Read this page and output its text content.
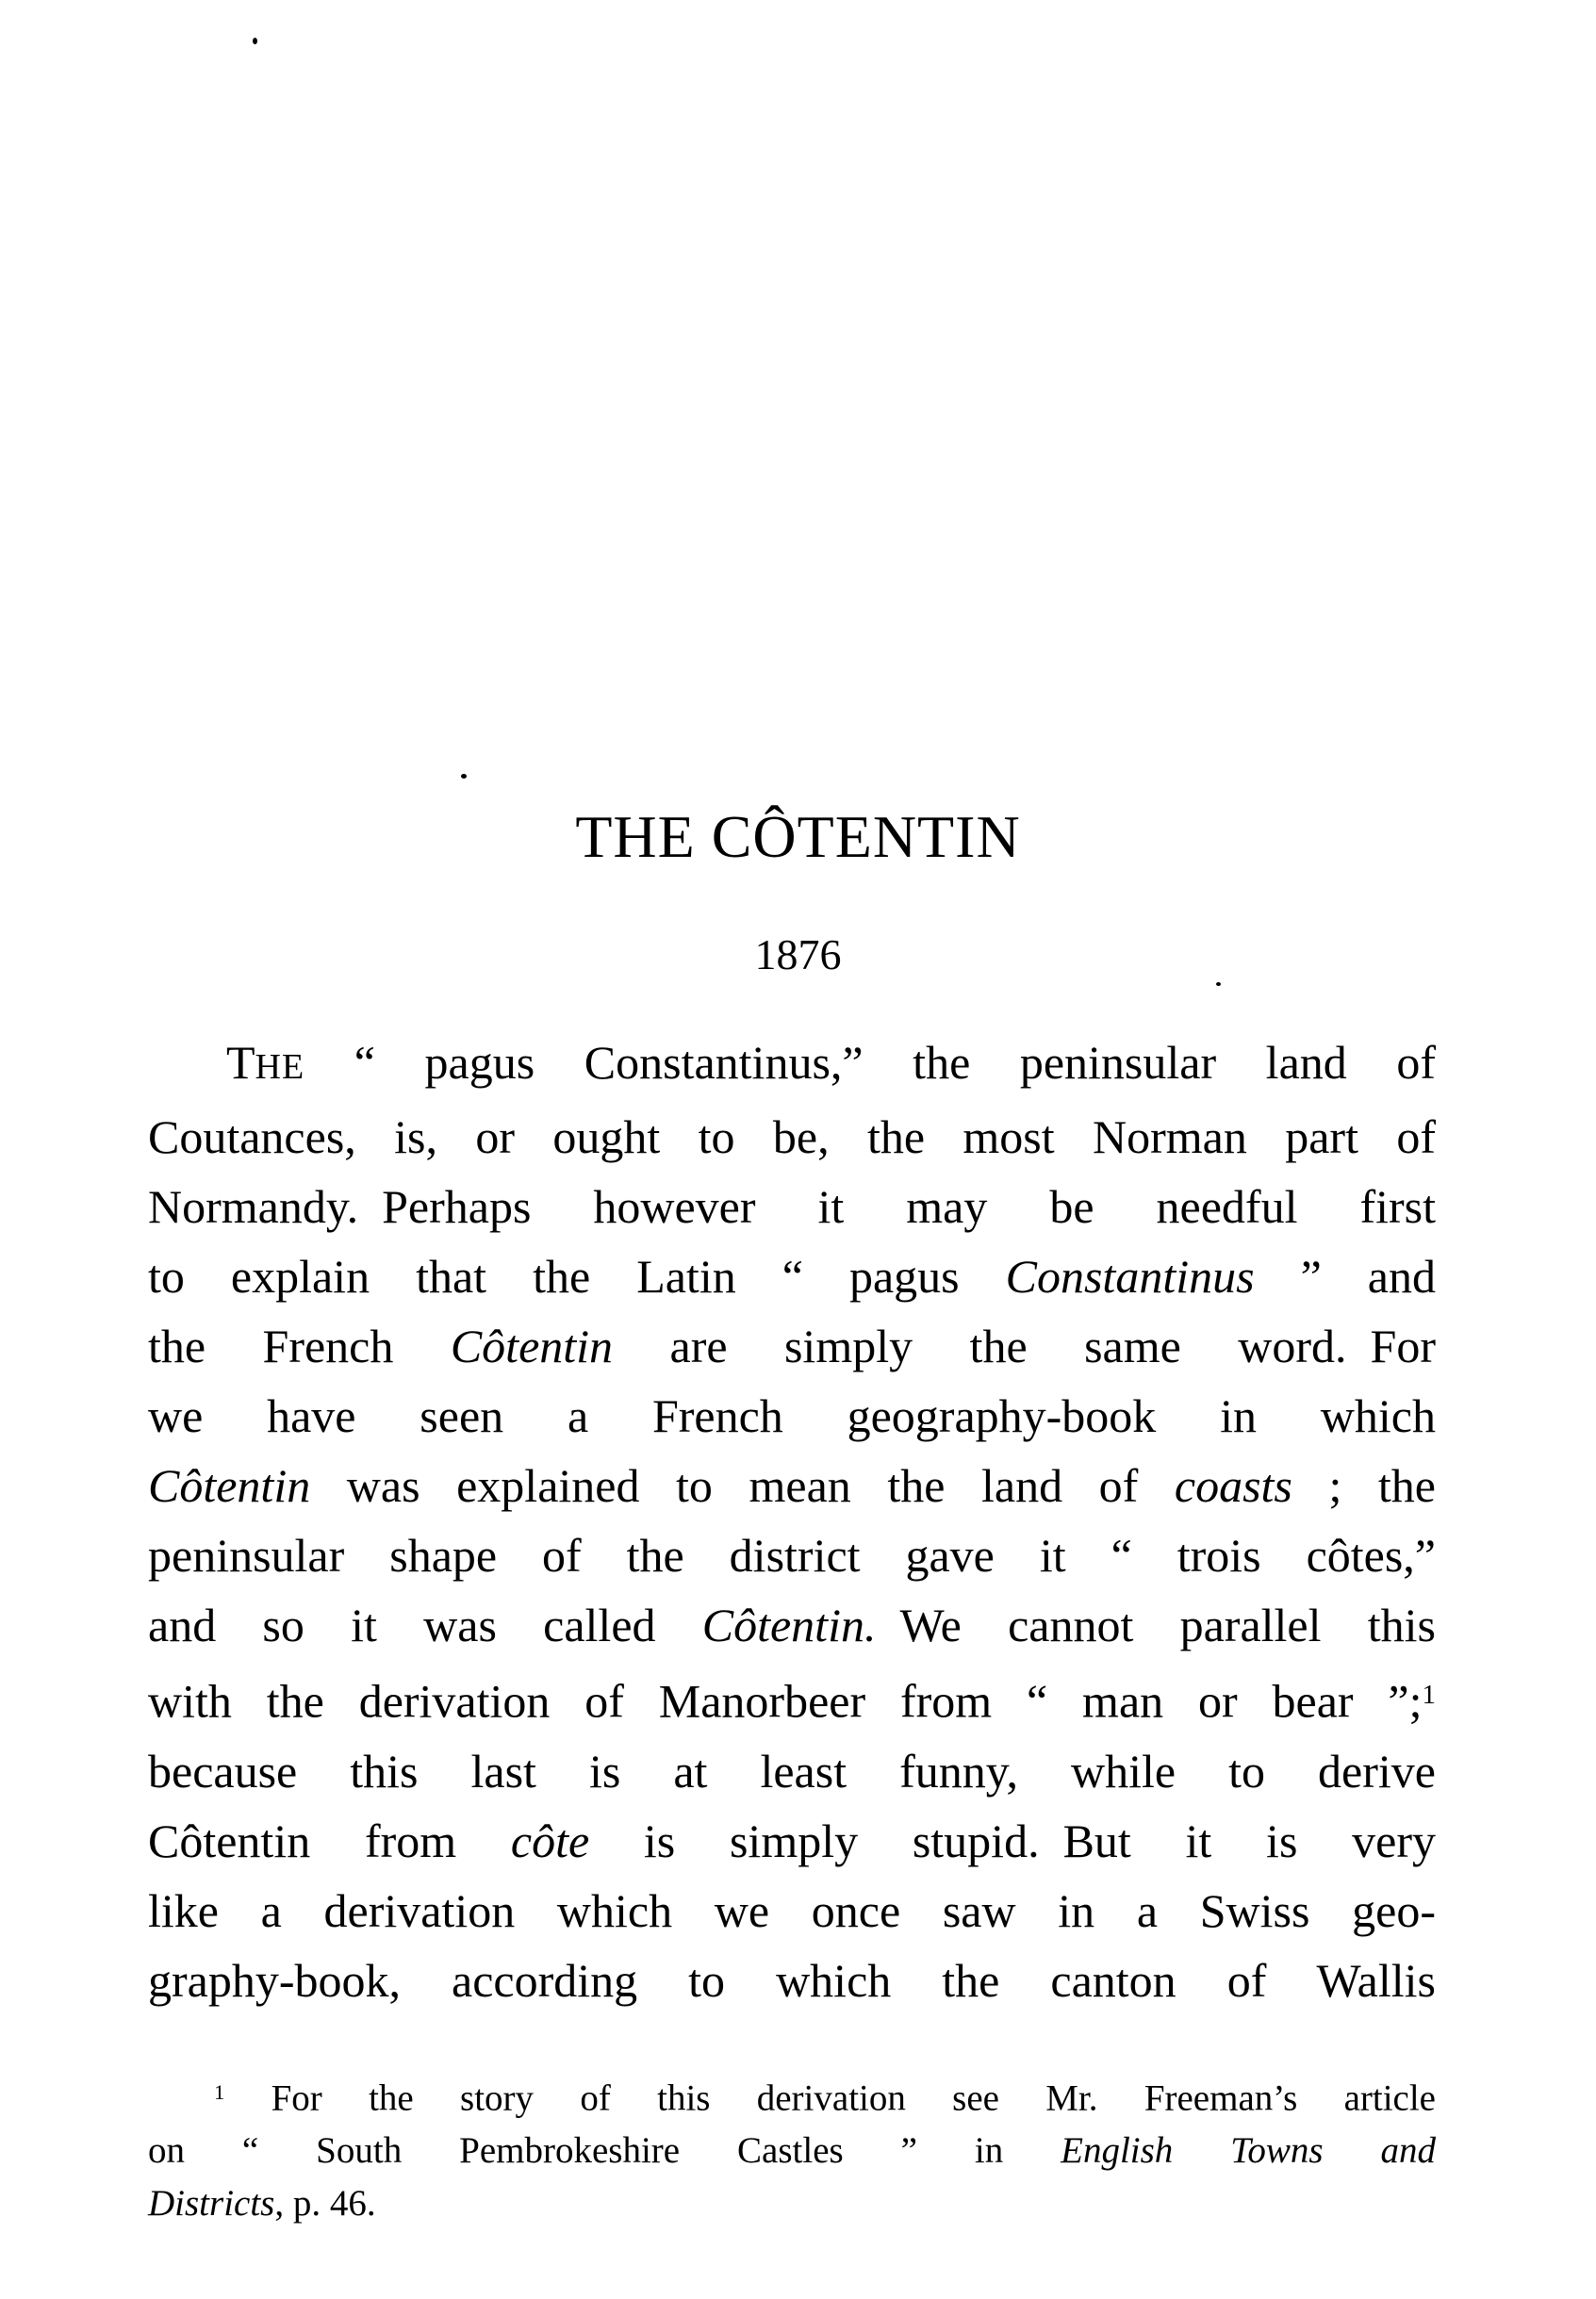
THE CÔTENTIN
1876
THE “ pagus Constantinus,” the peninsular land of
Coutances, is, or ought to be, the most Norman part of
Normandy. Perhaps however it may be needful first
to explain that the Latin “ pagus Constantinus ” and
the French Côtentin are simply the same word. For
we have seen a French geography-book in which
Côtentin was explained to mean the land of coasts ; the
peninsular shape of the district gave it “ trois côtes,”
and so it was called Côtentin. We cannot parallel this
with the derivation of Manorbeer from “ man or bear ”;$^1$
because this last is at least funny, while to derive
Côtentin from côte is simply stupid. But it is very
like a derivation which we once saw in a Swiss geo-
graphy-book, according to which the canton of Wallis
$^1$ For the story of this derivation see Mr. Freeman’s article
on “ South Pembrokeshire Castles ” in English Towns and
Districts, p. 46.
